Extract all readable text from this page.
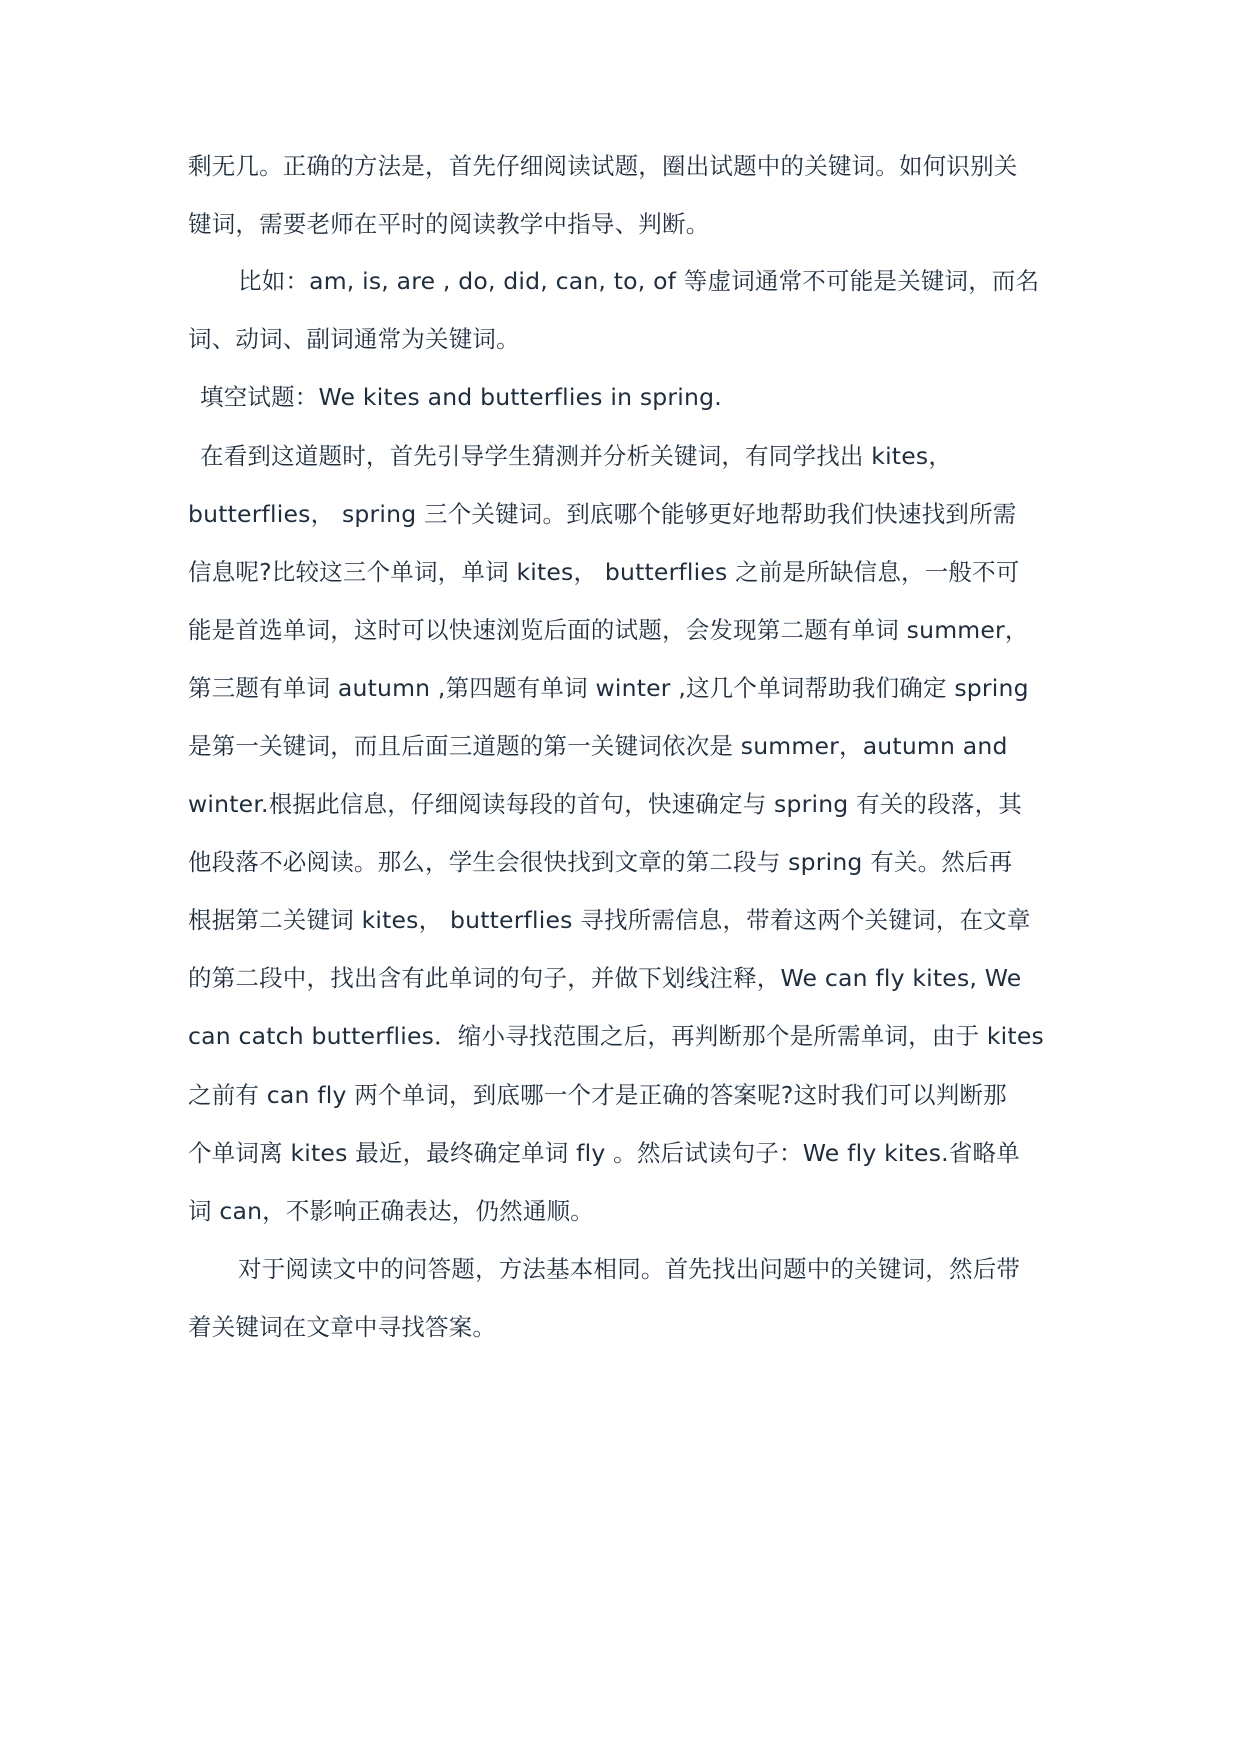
剩无几。正确的方法是，首先仔细阅读试题，圈出试题中的关键词。如何识别关
键词，需要老师在平时的阅读教学中指导、判断。
比如：am, is, are , do, did, can, to, of 等虚词通常不可能是关键词，而名
词、动词、副词通常为关键词。
填空试题：We kites and butterflies in spring.
在看到这道题时，首先引导学生猜测并分析关键词，有同学找出 kites，
butterflies， spring 三个关键词。到底哪个能够更好地帮助我们快速找到所需
信息呢?比较这三个单词，单词 kites， butterflies 之前是所缺信息，一般不可
能是首选单词，这时可以快速浏览后面的试题，会发现第二题有单词 summer，
第三题有单词 autumn ,第四题有单词 winter ,这几个单词帮助我们确定 spring
是第一关键词，而且后面三道题的第一关键词依次是 summer，autumn and
winter.根据此信息，仔细阅读每段的首句，快速确定与 spring 有关的段落，其
他段落不必阅读。那么，学生会很快找到文章的第二段与 spring 有关。然后再
根据第二关键词 kites， butterflies 寻找所需信息，带着这两个关键词，在文章
的第二段中，找出含有此单词的句子，并做下划线注释，We can fly kites, We
can catch butterflies．缩小寻找范围之后，再判断那个是所需单词，由于 kites
之前有 can fly 两个单词，到底哪一个才是正确的答案呢?这时我们可以判断那
个单词离 kites 最近，最终确定单词 fly 。然后试读句子：We fly kites.省略单
词 can，不影响正确表达，仍然通顺。
对于阅读文中的问答题，方法基本相同。首先找出问题中的关键词，然后带
着关键词在文章中寻找答案。
